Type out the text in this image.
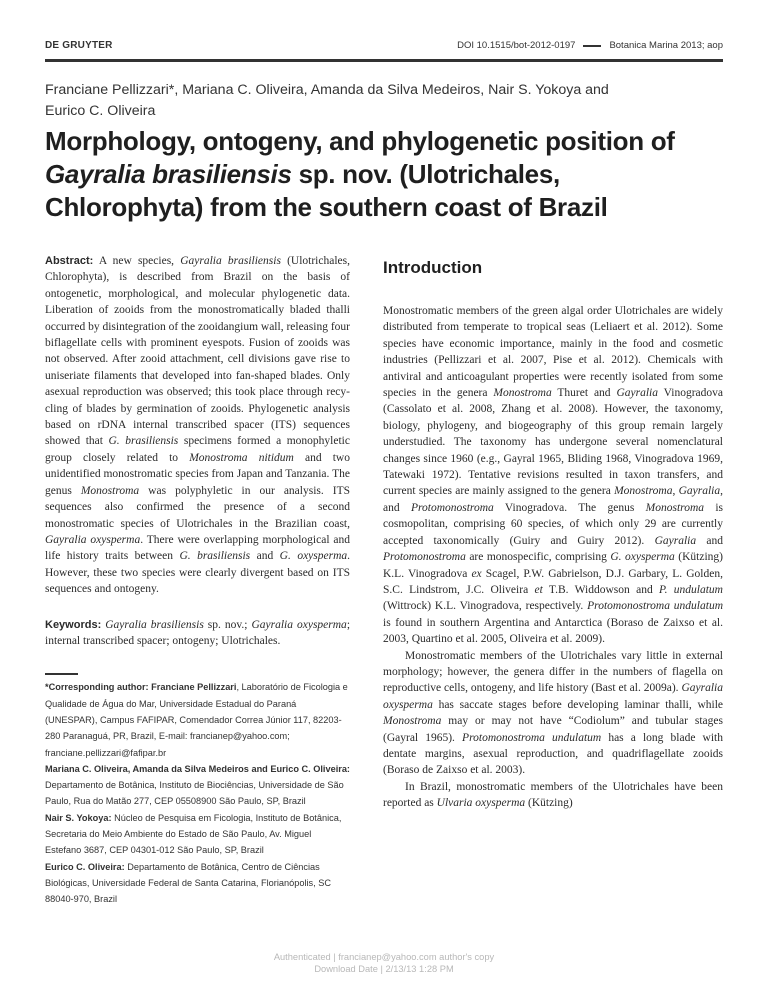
DE GRUYTER	DOI 10.1515/bot-2012-0197	Botanica Marina 2013; aop
Franciane Pellizzari*, Mariana C. Oliveira, Amanda da Silva Medeiros, Nair S. Yokoya and Eurico C. Oliveira
Morphology, ontogeny, and phylogenetic position of Gayralia brasiliensis sp. nov. (Ulotrichales, Chlorophyta) from the southern coast of Brazil
Abstract: A new species, Gayralia brasiliensis (Ulotrichales, Chlorophyta), is described from Brazil on the basis of ontogenetic, morphological, and molecular phylogenetic data. Liberation of zooids from the monostromatically bladed thalli occurred by disintegration of the zooidangium wall, releasing four biflagellate cells with prominent eyespots. Fusion of zooids was not observed. After zooid attachment, cell divisions gave rise to uniseriate filaments that developed into fan-shaped blades. Only asexual reproduction was observed; this took place through recycling of blades by germination of zooids. Phylogenetic analysis based on rDNA internal transcribed spacer (ITS) sequences showed that G. brasiliensis specimens formed a monophyletic group closely related to Monostroma nitidum and two unidentified monostromatic species from Japan and Tanzania. The genus Monostroma was polyphyletic in our analysis. ITS sequences also confirmed the presence of a second monostromatic species of Ulotrichales in the Brazilian coast, Gayralia oxysperma. There were overlapping morphological and life history traits between G. brasiliensis and G. oxysperma. However, these two species were clearly divergent based on ITS sequences and ontogeny.
Keywords: Gayralia brasiliensis sp. nov.; Gayralia oxysperma; internal transcribed spacer; ontogeny; Ulotrichales.
*Corresponding author: Franciane Pellizzari, Laboratório de Ficologia e Qualidade de Água do Mar, Universidade Estadual do Paraná (UNESPAR), Campus FAFIPAR, Comendador Correa Júnior 117, 82203-280 Paranaguá, PR, Brazil, E-mail: francianep@yahoo.com; franciane.pellizzari@fafipar.br
Mariana C. Oliveira, Amanda da Silva Medeiros and Eurico C. Oliveira: Departamento de Botânica, Instituto de Biociências, Universidade de São Paulo, Rua do Matão 277, CEP 05508900 São Paulo, SP, Brazil
Nair S. Yokoya: Núcleo de Pesquisa em Ficologia, Instituto de Botânica, Secretaria do Meio Ambiente do Estado de São Paulo, Av. Miguel Estefano 3687, CEP 04301-012 São Paulo, SP, Brazil
Eurico C. Oliveira: Departamento de Botânica, Centro de Ciências Biológicas, Universidade Federal de Santa Catarina, Florianópolis, SC 88040-970, Brazil
Introduction

Monostromatic members of the green algal order Ulotrichales are widely distributed from temperate to tropical seas (Leliaert et al. 2012). Some species have economic importance, mainly in the food and cosmetic industries (Pellizzari et al. 2007, Pise et al. 2012). Chemicals with antiviral and anticoagulant properties were recently isolated from some species in the genera Monostroma Thuret and Gayralia Vinogradova (Cassolato et al. 2008, Zhang et al. 2008). However, the taxonomy, biology, phylogeny, and biogeography of this group remain largely understudied. The taxonomy has undergone several nomenclatural changes since 1960 (e.g., Gayral 1965, Bliding 1968, Vinogradova 1969, Tatewaki 1972). Tentative revisions resulted in taxon transfers, and current species are mainly assigned to the genera Monostroma, Gayralia, and Protomonostroma Vinogradova. The genus Monostroma is cosmopolitan, comprising 60 species, of which only 29 are currently accepted taxonomically (Guiry and Guiry 2012). Gayralia and Protomonostroma are monospecific, comprising G. oxysperma (Kützing) K.L. Vinogradova ex Scagel, P.W. Gabrielson, D.J. Garbary, L. Golden, S.C. Lindstrom, J.C. Oliveira et T.B. Widdowson and P. undulatum (Wittrock) K.L. Vinogradova, respectively. Protomonostroma undulatum is found in southern Argentina and Antarctica (Boraso de Zaixso et al. 2003, Quartino et al. 2005, Oliveira et al. 2009).

Monostromatic members of the Ulotrichales vary little in external morphology; however, the genera differ in the numbers of flagella on reproductive cells, ontogeny, and life history (Bast et al. 2009a). Gayralia oxysperma has saccate stages before developing laminar thalli, while Monostroma may or may not have “Codiolum” and tubular stages (Gayral 1965). Protomonostroma undulatum has a long blade with dentate margins, asexual reproduction, and quadriflagellate zooids (Boraso de Zaixso et al. 2003).

In Brazil, monostromatic members of the Ulotrichales have been reported as Ulvaria oxysperma (Kützing)

Authenticated | francianep@yahoo.com author's copy
Download Date | 2/13/13 1:28 PM
